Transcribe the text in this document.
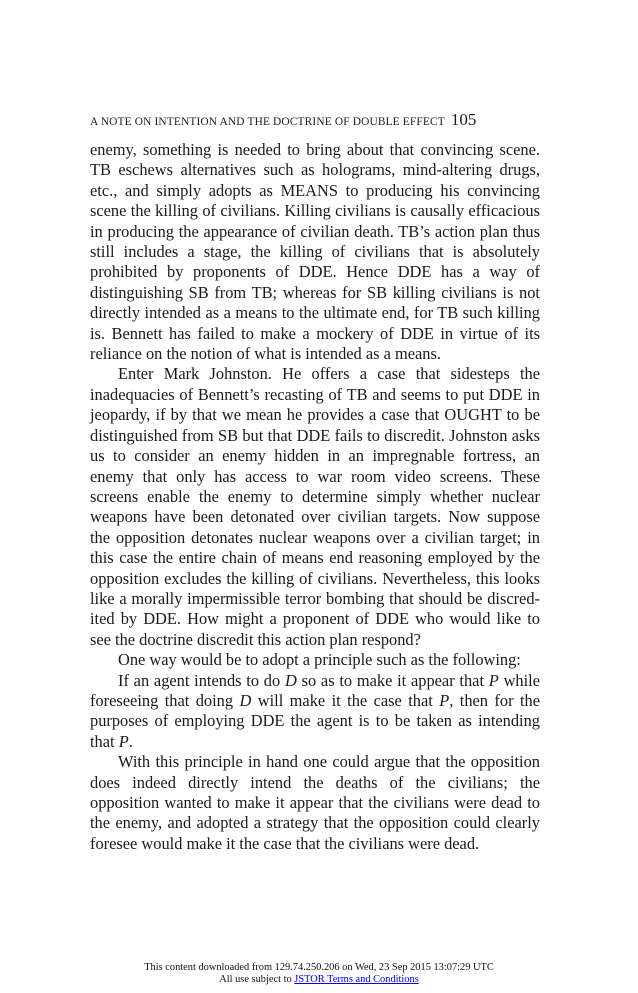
A NOTE ON INTENTION AND THE DOCTRINE OF DOUBLE EFFECT 105

enemy, something is needed to bring about that convincing scene. TB eschews alternatives such as holograms, mind-altering drugs, etc., and simply adopts as MEANS to producing his convincing scene the killing of civilians. Killing civilians is causally efficacious in producing the appearance of civilian death. TB’s action plan thus still includes a stage, the killing of civilians that is absolutely prohibited by proponents of DDE. Hence DDE has a way of distinguishing SB from TB; whereas for SB killing civilians is not directly intended as a means to the ultimate end, for TB such killing is. Bennett has failed to make a mockery of DDE in virtue of its reliance on the notion of what is intended as a means.

Enter Mark Johnston. He offers a case that sidesteps the inadequacies of Bennett’s recasting of TB and seems to put DDE in jeopardy, if by that we mean he provides a case that OUGHT to be distinguished from SB but that DDE fails to discredit. Johnston asks us to consider an enemy hidden in an impregnable fortress, an enemy that only has access to war room video screens. These screens enable the enemy to determine simply whether nuclear weapons have been detonated over civilian targets. Now suppose the opposition detonates nuclear weapons over a civilian target; in this case the entire chain of means end reasoning employed by the opposition excludes the killing of civilians. Nevertheless, this looks like a morally impermissible terror bombing that should be discredited by DDE. How might a proponent of DDE who would like to see the doctrine discredit this action plan respond?

One way would be to adopt a principle such as the following:

If an agent intends to do D so as to make it appear that P while foreseeing that doing D will make it the case that P, then for the purposes of employing DDE the agent is to be taken as intending that P.

With this principle in hand one could argue that the opposition does indeed directly intend the deaths of the civilians; the opposition wanted to make it appear that the civilians were dead to the enemy, and adopted a strategy that the opposition could clearly foresee would make it the case that the civilians were dead.

This content downloaded from 129.74.250.206 on Wed, 23 Sep 2015 13:07:29 UTC
All use subject to JSTOR Terms and Conditions
